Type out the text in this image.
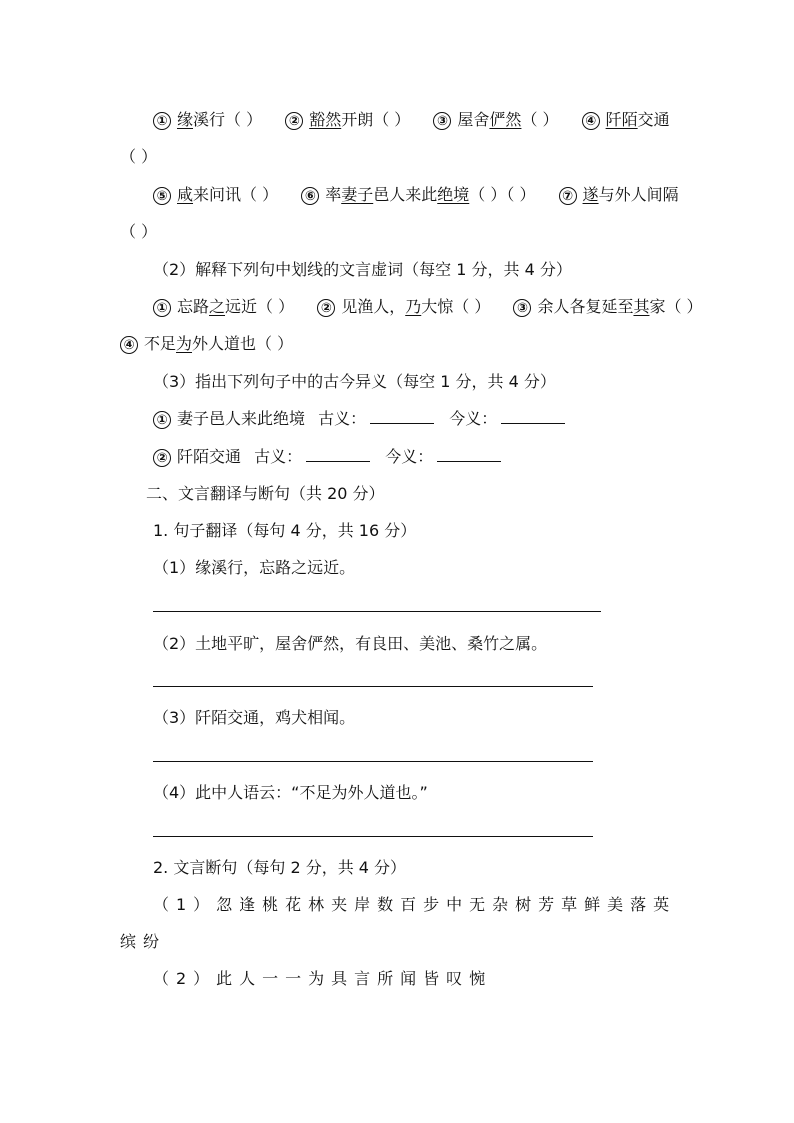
① 缘溪行（ ） ② 豁然开朗（ ） ③ 屋舍俨然（ ） ④ 阡陌交通
（ ）
⑤ 咸来问讯（ ） ⑥ 率妻子邑人来此绝境（ ）（ ） ⑦ 遂与外人间隔
（ ）
（2）解释下列句中划线的文言虚词（每空 1 分，共 4 分）
① 忘路之远近（ ） ② 见渔人，乃大惊（ ） ③ 余人各复延至其家（ ）
④ 不足为外人道也（ ）
（3）指出下列句子中的古今异义（每空 1 分，共 4 分）
① 妻子邑人来此绝境 古义：	今义：
② 阡陌交通 古义：	今义：
二、文言翻译与断句（共 20 分）
1. 句子翻译（每句 4 分，共 16 分）
（1）缘溪行，忘路之远近。
（2）土地平旷，屋舍俨然，有良田、美池、桑竹之属。
（3）阡陌交通，鸡犬相闻。
（4）此中人语云：“不足为外人道也。”
2. 文言断句（每句 2 分，共 4 分）
（1）忽逢桃花林夹岸数百步中无杂树芳草鲜美落英
缤纷
（2）此人一一为具言所闻皆叹惋
